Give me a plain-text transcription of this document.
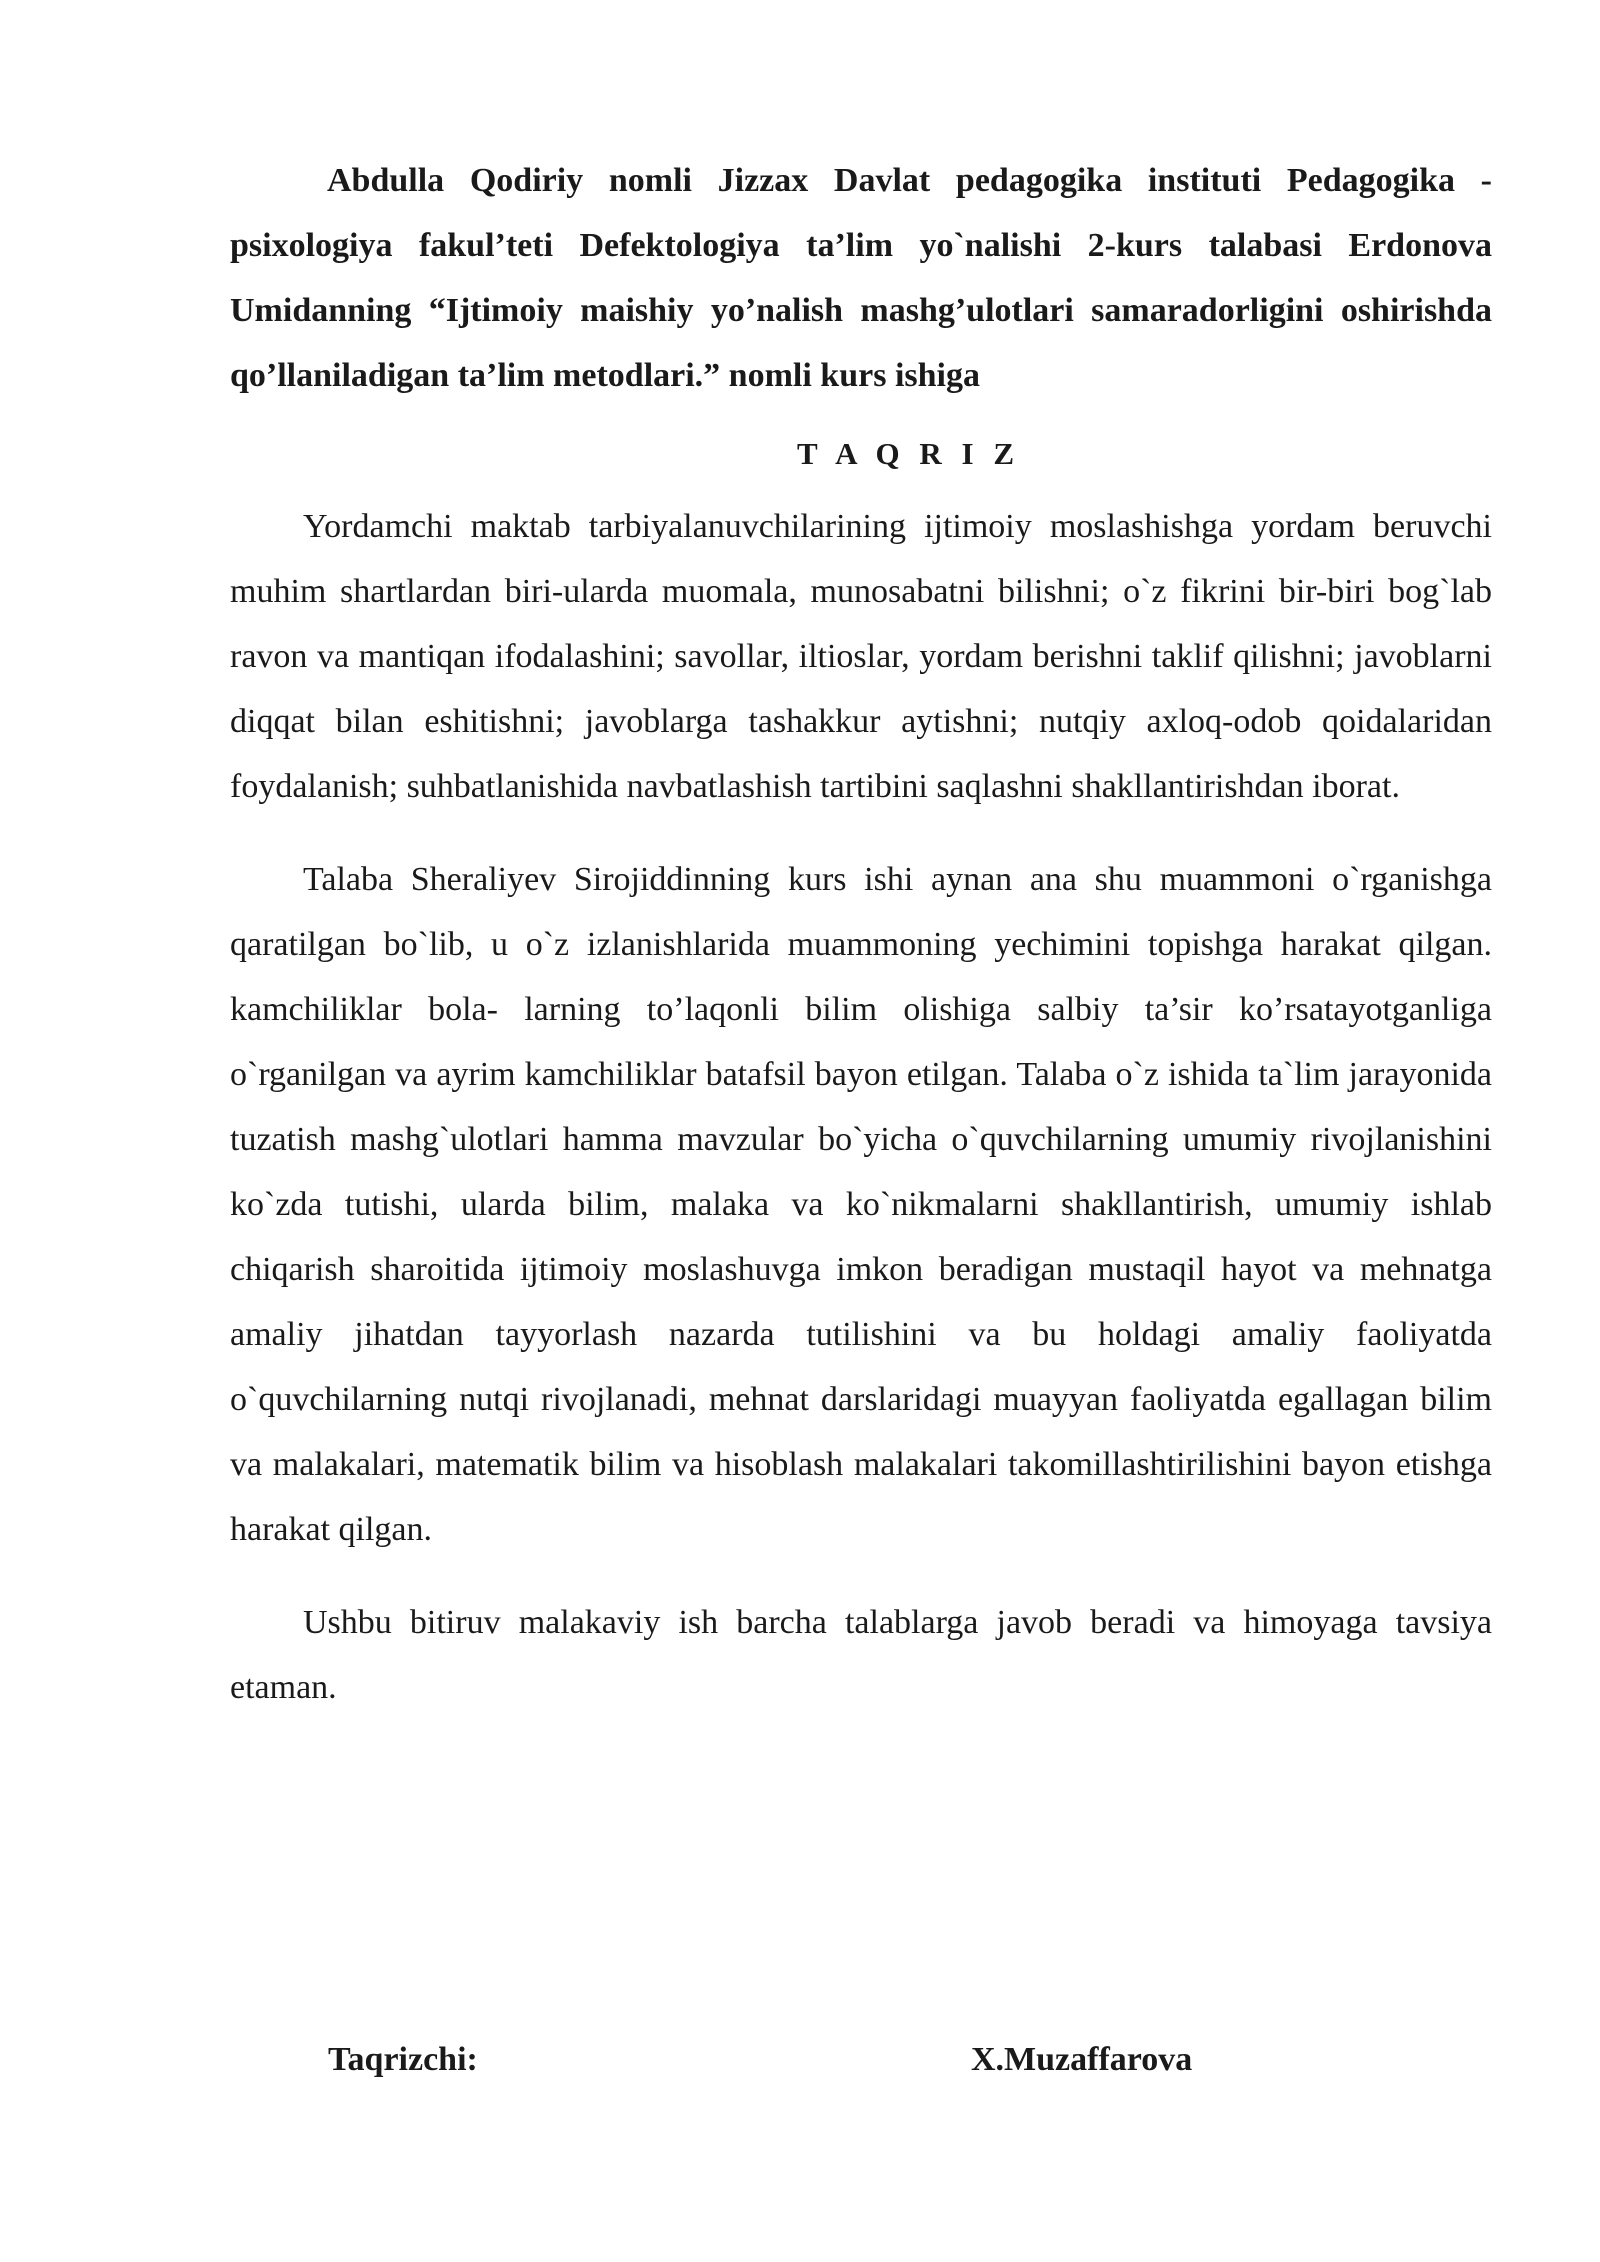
Abdulla Qodiriy nomli Jizzax Davlat pedagogika instituti Pedagogika - psixologiya fakul’teti Defektologiya ta’lim yo`nalishi 2-kurs talabasi Erdonova Umidanning “Ijtimoiy maishiy yo’nalish mashg’ulotlari samaradorligini oshirishda qo’llaniladigan ta’lim metodlari.” nomli kurs ishiga

T A Q R I Z

Yordamchi maktab tarbiyalanuvchilarining ijtimoiy moslashishga yordam beruvchi muhim shartlardan biri-ularda muomala, munosabatni bilishni; o`z fikrini bir-biri bog`lab ravon va mantiqan ifodalashini; savollar, iltioslar, yordam berishni taklif qilishni; javoblarni diqqat bilan eshitishni; javoblarga tashakkur aytishni; nutqiy axloq-odob qoidalaridan foydalanish; suhbatlanishida navbatlashish tartibini saqlashni shakllantirishdan iborat.

Talaba Sheraliyev Sirojiddinning kurs ishi aynan ana shu muammoni o`rganishga qaratilgan bo`lib, u o`z izlanishlarida muammoning yechimini topishga harakat qilgan. kamchiliklar bola- larning to’laqonli bilim olishiga salbiy ta’sir ko’rsatayotganliga o`rganilgan va ayrim kamchiliklar batafsil bayon etilgan. Talaba o`z ishida ta`lim jarayonida tuzatish mashg`ulotlari hamma mavzular bo`yicha o`quvchilarning umumiy rivojlanishini ko`zda tutishi, ularda bilim, malaka va ko`nikmalarni shakllantirish, umumiy ishlab chiqarish sharoitida ijtimoiy moslashuvga imkon beradigan mustaqil hayot va mehnatga amaliy jihatdan tayyorlash nazarda tutilishini va bu holdagi amaliy faoliyatda o`quvchilarning nutqi rivojlanadi, mehnat darslaridagi muayyan faoliyatda egallagan bilim va malakalari, matematik bilim va hisoblash malakalari takomillashtirilishini bayon etishga harakat qilgan.

Ushbu bitiruv malakaviy ish barcha talablarga javob beradi va himoyaga tavsiya etaman.

Taqrizchi:	X.Muzaffarova
